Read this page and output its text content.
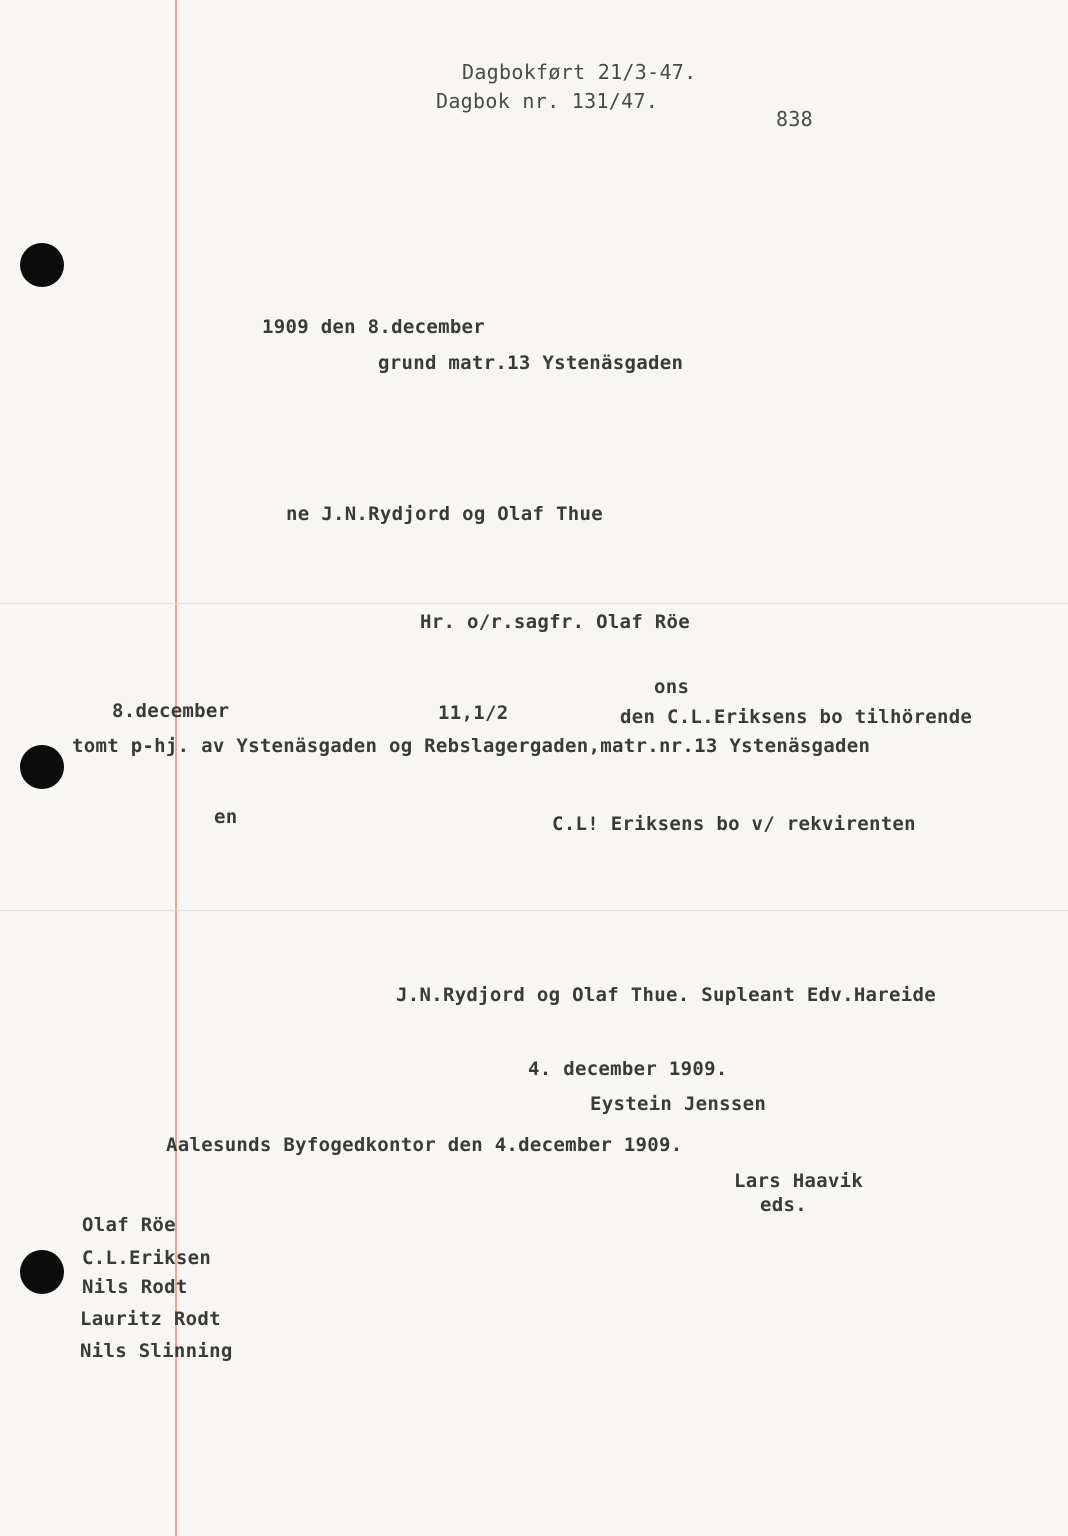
Dagbokført 21/3-47.
Dagbok nr. 131/47.
838
1909 den 8.december
grund matr.13 Ystenäsgaden
ne J.N.Rydjord og Olaf Thue
Hr. o/r.sagfr. Olaf Röe
ons
8.december	11,1/2	den C.L.Eriksens bo tilhörende
tomt p-hj. av Ystenäsgaden og Rebslagergaden,matr.nr.13 Ystenäsgaden
en	C.L! Eriksens bo v/ rekvirenten
J.N.Rydjord og Olaf Thue. Supleant Edv.Hareide
4. december 1909.
Eystein Jenssen
Aalesunds Byfogedkontor den 4.december 1909.
Lars Haavik
eds.
Olaf Röe
C.L.Eriksen
Nils Rodt
Lauritz Rodt
Nils Slinning
